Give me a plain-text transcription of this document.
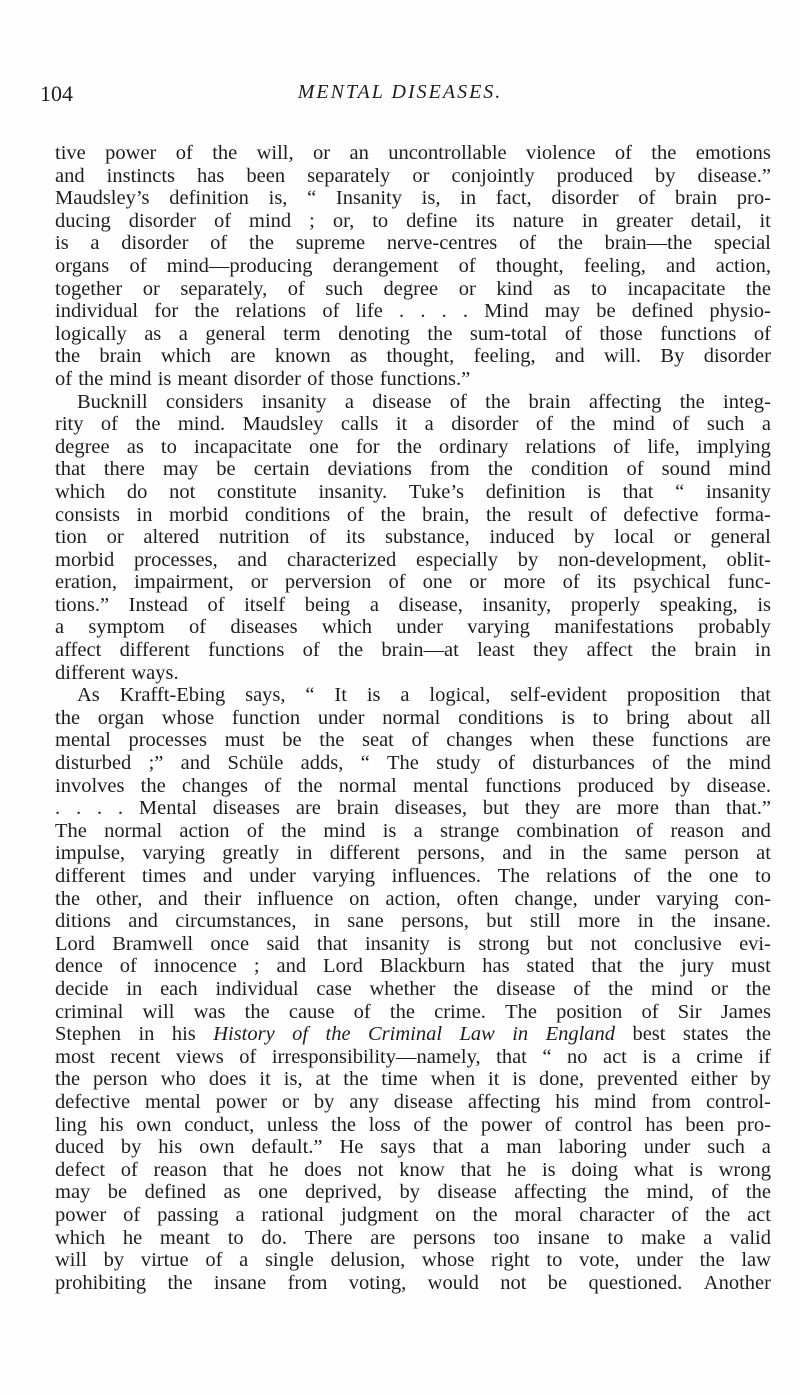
104	MENTAL DISEASES.
tive power of the will, or an uncontrollable violence of the emotions
and instincts has been separately or conjointly produced by disease.”
Maudsley’s definition is, “ Insanity is, in fact, disorder of brain pro-
ducing disorder of mind ; or, to define its nature in greater detail, it
is a disorder of the supreme nerve-centres of the brain—the special
organs of mind—producing derangement of thought, feeling, and action,
together or separately, of such degree or kind as to incapacitate the
individual for the relations of life . . . . Mind may be defined physio-
logically as a general term denoting the sum-total of those functions of
the brain which are known as thought, feeling, and will. By disorder
of the mind is meant disorder of those functions.”
Bucknill considers insanity a disease of the brain affecting the integ-
rity of the mind. Maudsley calls it a disorder of the mind of such a
degree as to incapacitate one for the ordinary relations of life, implying
that there may be certain deviations from the condition of sound mind
which do not constitute insanity. Tuke’s definition is that “ insanity
consists in morbid conditions of the brain, the result of defective forma-
tion or altered nutrition of its substance, induced by local or general
morbid processes, and characterized especially by non-development, oblit-
eration, impairment, or perversion of one or more of its psychical func-
tions.” Instead of itself being a disease, insanity, properly speaking, is
a symptom of diseases which under varying manifestations probably
affect different functions of the brain—at least they affect the brain in
different ways.
As Krafft-Ebing says, “ It is a logical, self-evident proposition that
the organ whose function under normal conditions is to bring about all
mental processes must be the seat of changes when these functions are
disturbed ;” and Schüle adds, “ The study of disturbances of the mind
involves the changes of the normal mental functions produced by disease.
. . . . Mental diseases are brain diseases, but they are more than that.”
The normal action of the mind is a strange combination of reason and
impulse, varying greatly in different persons, and in the same person at
different times and under varying influences. The relations of the one to
the other, and their influence on action, often change, under varying con-
ditions and circumstances, in sane persons, but still more in the insane.
Lord Bramwell once said that insanity is strong but not conclusive evi-
dence of innocence ; and Lord Blackburn has stated that the jury must
decide in each individual case whether the disease of the mind or the
criminal will was the cause of the crime. The position of Sir James
Stephen in his History of the Criminal Law in England best states the
most recent views of irresponsibility—namely, that “ no act is a crime if
the person who does it is, at the time when it is done, prevented either by
defective mental power or by any disease affecting his mind from control-
ling his own conduct, unless the loss of the power of control has been pro-
duced by his own default.” He says that a man laboring under such a
defect of reason that he does not know that he is doing what is wrong
may be defined as one deprived, by disease affecting the mind, of the
power of passing a rational judgment on the moral character of the act
which he meant to do. There are persons too insane to make a valid
will by virtue of a single delusion, whose right to vote, under the law
prohibiting the insane from voting, would not be questioned. Another
